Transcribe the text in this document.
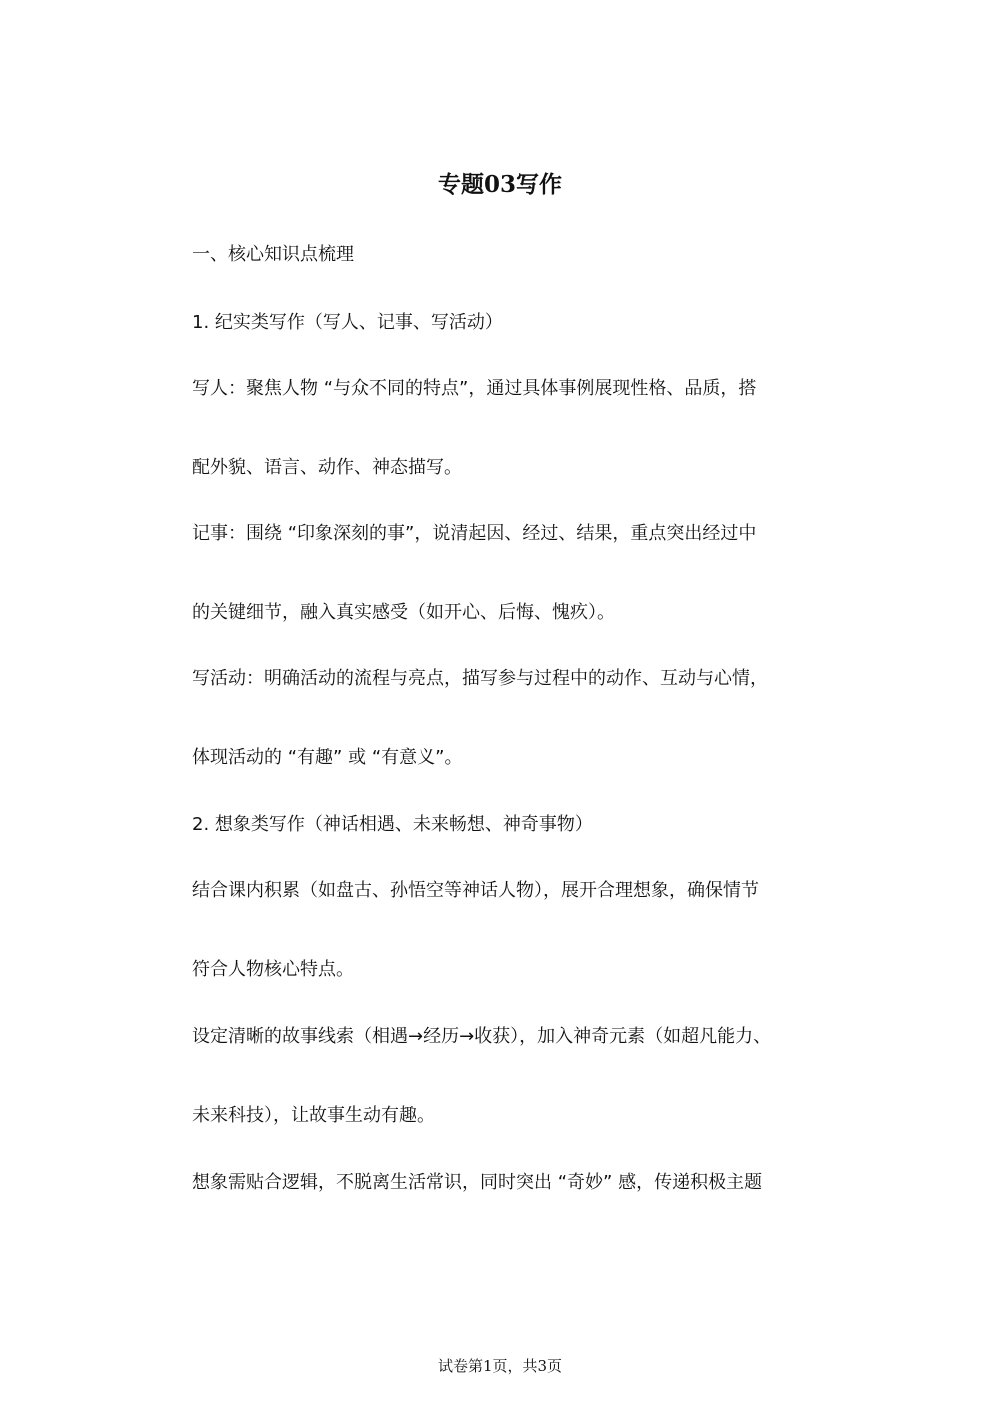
专题03写作
一、核心知识点梳理
1. 纪实类写作（写人、记事、写活动）
写人：聚焦人物 “与众不同的特点”，通过具体事例展现性格、品质，搭
配外貌、语言、动作、神态描写。
记事：围绕 “印象深刻的事”，说清起因、经过、结果，重点突出经过中
的关键细节，融入真实感受（如开心、后悔、愧疚）。
写活动：明确活动的流程与亮点，描写参与过程中的动作、互动与心情，
体现活动的 “有趣” 或 “有意义”。
2. 想象类写作（神话相遇、未来畅想、神奇事物）
结合课内积累（如盘古、孙悟空等神话人物），展开合理想象，确保情节
符合人物核心特点。
设定清晰的故事线索（相遇→经历→收获），加入神奇元素（如超凡能力、
未来科技），让故事生动有趣。
想象需贴合逻辑，不脱离生活常识，同时突出 “奇妙” 感，传递积极主题
试卷第1页，共3页
